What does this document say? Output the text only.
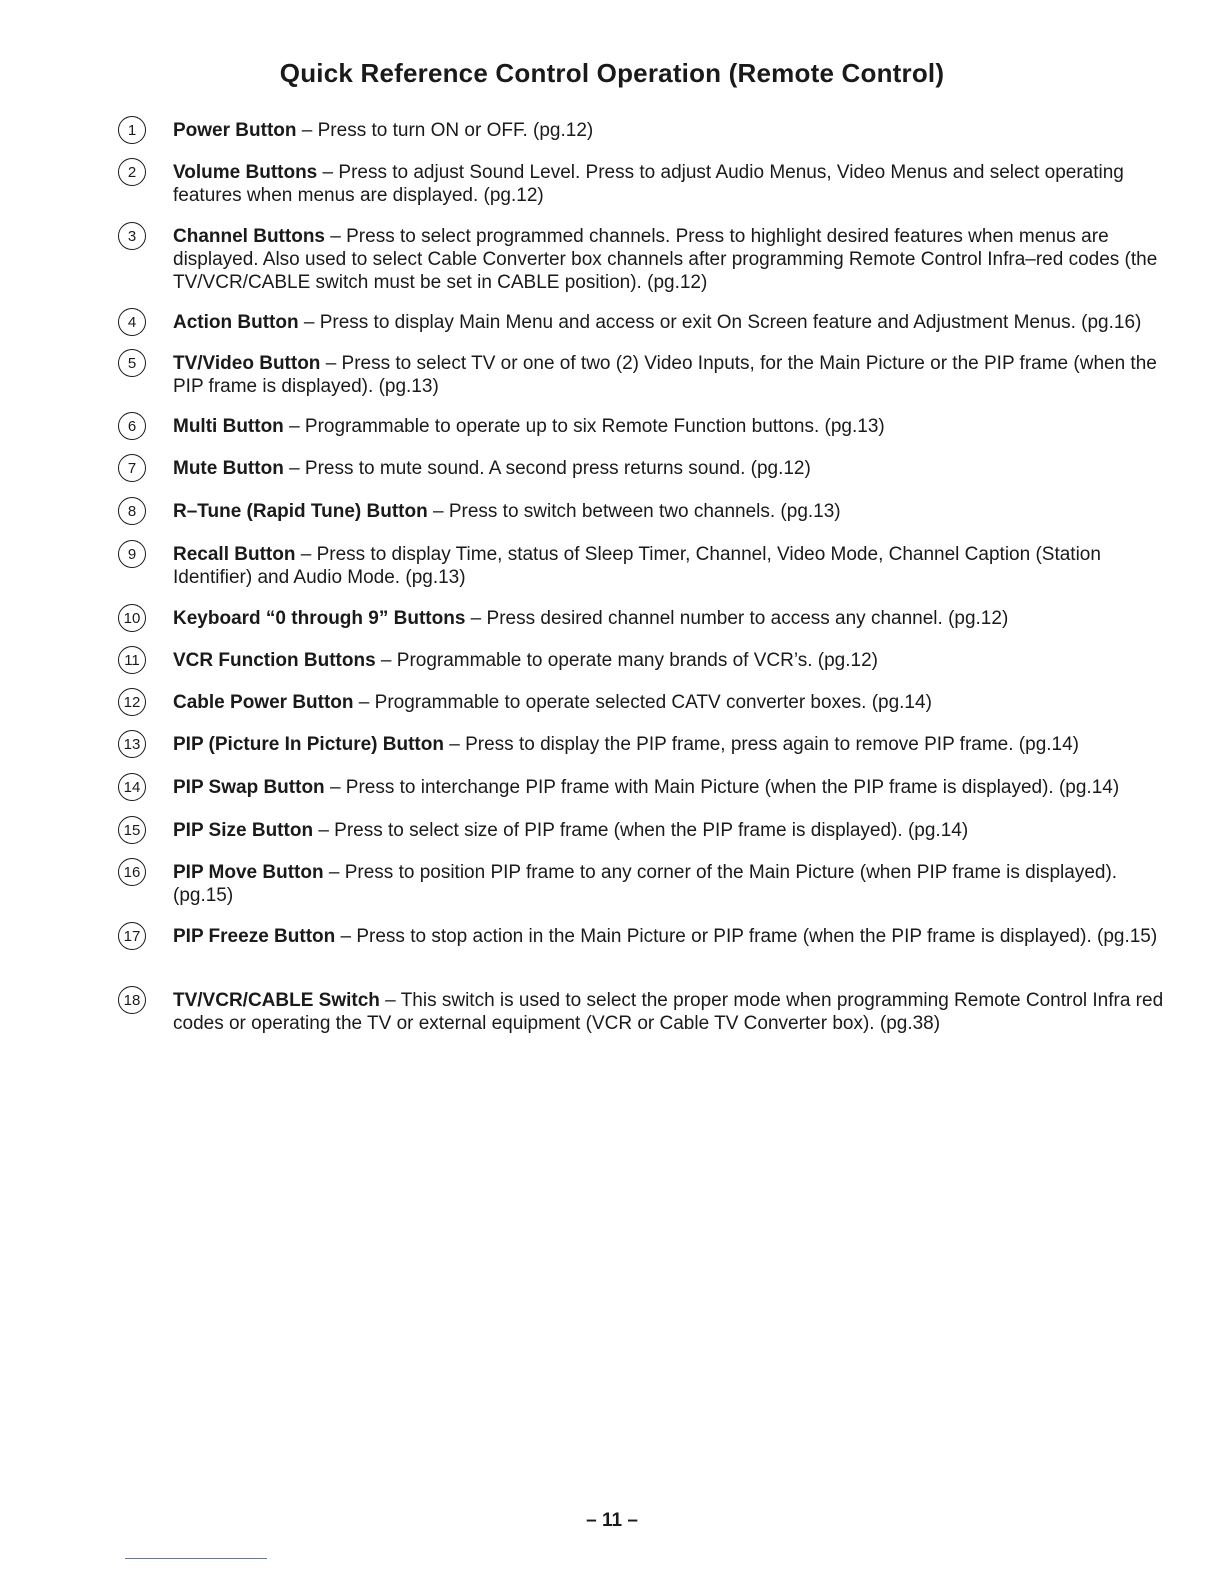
Quick Reference Control Operation (Remote Control)
1	Power Button – Press to turn ON or OFF. (pg.12)
2	Volume Buttons – Press to adjust Sound Level. Press to adjust Audio Menus, Video Menus and select operating features when menus are displayed. (pg.12)
3	Channel Buttons – Press to select programmed channels. Press to highlight desired features when menus are displayed. Also used to select Cable Converter box channels after programming Remote Control Infra–red codes (the TV/VCR/CABLE switch must be set in CABLE position). (pg.12)
4	Action Button – Press to display Main Menu and access or exit On Screen feature and Adjustment Menus. (pg.16)
5	TV/Video Button – Press to select TV or one of two (2) Video Inputs, for the Main Picture or the PIP frame (when the PIP frame is displayed). (pg.13)
6	Multi Button – Programmable to operate up to six Remote Function buttons. (pg.13)
7	Mute Button – Press to mute sound. A second press returns sound. (pg.12)
8	R–Tune (Rapid Tune) Button – Press to switch between two channels. (pg.13)
9	Recall Button – Press to display Time, status of Sleep Timer, Channel, Video Mode, Channel Caption (Station Identifier) and Audio Mode. (pg.13)
10 Keyboard “0 through 9” Buttons – Press desired channel number to access any channel. (pg.12)
11	VCR Function Buttons – Programmable to operate many brands of VCR’s. (pg.12)
12 Cable Power Button – Programmable to operate selected CATV converter boxes. (pg.14)
13 PIP (Picture In Picture) Button – Press to display the PIP frame, press again to remove PIP frame. (pg.14)
14 PIP Swap Button – Press to interchange PIP frame with Main Picture (when the PIP frame is displayed). (pg.14)
15 PIP Size Button – Press to select size of PIP frame (when the PIP frame is displayed). (pg.14)
16 PIP Move Button – Press to position PIP frame to any corner of the Main Picture (when PIP frame is displayed). (pg.15)
17 PIP Freeze Button – Press to stop action in the Main Picture or PIP frame (when the PIP frame is displayed). (pg.15)
18 TV/VCR/CABLE Switch – This switch is used to select the proper mode when programming Remote Control Infra red codes or operating the TV or external equipment (VCR or Cable TV Converter box). (pg.38)
– 11 –
